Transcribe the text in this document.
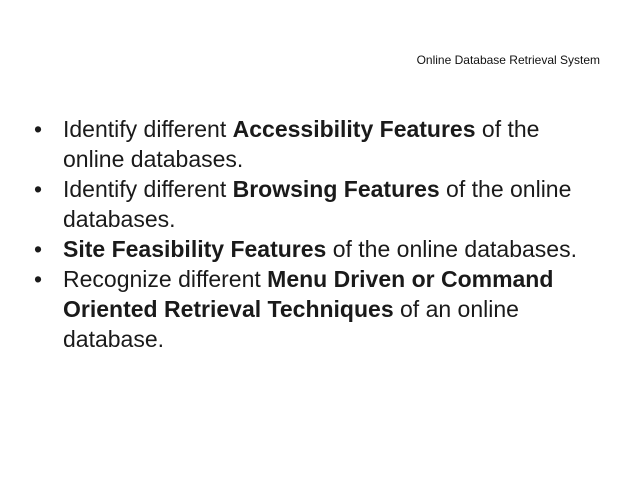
Online Database Retrieval System
• Identify different Accessibility Features of the online databases.
• Identify different Browsing Features of the online databases.
• Site Feasibility Features of the online databases.
• Recognize different Menu Driven or Command Oriented Retrieval Techniques of an online database.
